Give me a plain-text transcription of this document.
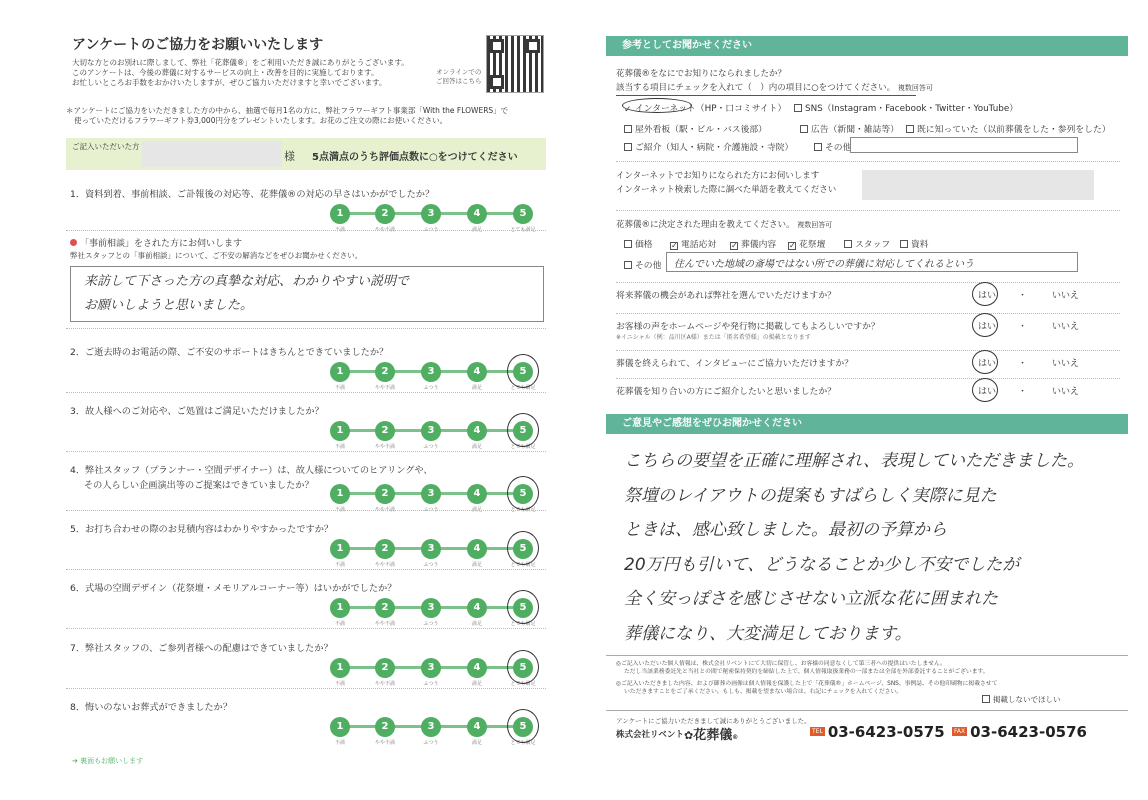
アンケートのご協力をお願いいたします
大切な方とのお別れに際しまして、弊社「花葬儀®」をご利用いただき誠にありがとうございます。
このアンケートは、今後の葬儀に対するサービスの向上・改善を目的に実施しております。
お忙しいところお手数をおかけいたしますが、ぜひご協力いただけますと幸いでございます。
オンラインでの
ご回答はこちら
＊アンケートにご協力をいただきました方の中から、抽選で毎月1名の方に、弊社フラワーギフト事業部「With the FLOWERS」で
使っていただけるフラワーギフト券3,000円分をプレゼントいたします。お花のご注文の際にお使いください。
ご記入いただいた方
様 5点満点のうち評価点数に○をつけてください
1．資料到着、事前相談、ご訃報後の対応等、花葬儀®の対応の早さはいかがでしたか？
1
不満
2
やや不満
3
ふつう
4
満足
5
とても満足
2．ご逝去時のお電話の際、ご不安のサポートはきちんとできていましたか？
1
不満
2
やや不満
3
ふつう
4
満足
5
とても満足
3．故人様へのご対応や、ご処置はご満足いただけましたか？
1
不満
2
やや不満
3
ふつう
4
満足
5
とても満足
4．弊社スタッフ（プランナー・空間デザイナー）は、故人様についてのヒアリングや、
その人らしい企画演出等のご提案はできていましたか？
1
不満
2
やや不満
3
ふつう
4
満足
5
とても満足
5．お打ち合わせの際のお見積内容はわかりやすかったですか？
1
不満
2
やや不満
3
ふつう
4
満足
5
とても満足
6．式場の空間デザイン（花祭壇・メモリアルコーナー等）はいかがでしたか？
1
不満
2
やや不満
3
ふつう
4
満足
5
とても満足
7．弊社スタッフの、ご参列者様への配慮はできていましたか？
1
不満
2
やや不満
3
ふつう
4
満足
5
とても満足
8．悔いのないお葬式ができましたか？
1
不満
2
やや不満
3
ふつう
4
満足
5
とても満足
「事前相談」をされた方にお伺いします
弊社スタッフとの「事前相談」について、ご不安の解消などをぜひお聞かせください。
来訪して下さった方の真摯な対応、わかりやすい説明で
お願いしようと思いました。
➔ 裏面もお願いします
参考としてお聞かせください
花葬儀®をなにでお知りになられましたか？
該当する項目にチェックを入れて（　）内の項目に○をつけてください。 複数回答可
✓ インターネット（HP・口コミサイト）	SNS（Instagram・Facebook・Twitter・YouTube）
屋外看板（駅・ビル・バス後部）	広告（新聞・雑誌等）	既に知っていた（以前葬儀をした・参列をした）
ご紹介（知人・病院・介護施設・寺院）	その他
インターネットでお知りになられた方にお伺いします
インターネット検索した際に調べた単語を教えてください
花葬儀®に決定された理由を教えてください。 複数回答可
価格 ✓ 電話応対 ✓ 葬儀内容 ✓ 花祭壇	スタッフ	資料
その他 住んでいた地域の斎場ではない所での葬儀に対応してくれるという
将来葬儀の機会があれば弊社を選んでいただけますか？	はい ・	いいえ
お客様の声をホームページや発行物に掲載してもよろしいですか？
※イニシャル（例：品川区A様）または「匿名希望様」の掲載となります
はい ・	いいえ
葬儀を終えられて、インタビューにご協力いただけますか？	はい ・	いいえ
花葬儀を知り合いの方にご紹介したいと思いましたか？	はい ・	いいえ
ご意見やご感想をぜひお聞かせください
こちらの要望を正確に理解され、表現していただきました。
祭壇のレイアウトの提案もすばらしく実際に見た
ときは、感心致しました。最初の予算から
20万円も引いて、どうなることか少し不安でしたが
全く安っぽさを感じさせない立派な花に囲まれた
葬儀になり、大変満足しております。
◎ご記入いただいた個人情報は、株式会社リベントにて大切に保管し、お客様の同意なくして第三者への提供はいたしません。
ただし当該業務委託先と当社との間で秘密保持契約を締結した上で、個人情報取扱業務の一部または全部を外部委託することがございます。
◎ご記入いただきました内容、および御葬の画像は個人情報を保護した上で「花葬儀®」ホームページ、SNS、事例誌、その他印刷物に掲載させて
いただきますことをご了承ください。もしも、掲載を望まない場合は、右記にチェックを入れてください。
掲載しないでほしい
アンケートにご協力いただきまして誠にありがとうございました。
株式会社リベント ✿花葬儀®
TEL 03-6423-0575	FAX 03-6423-0576
